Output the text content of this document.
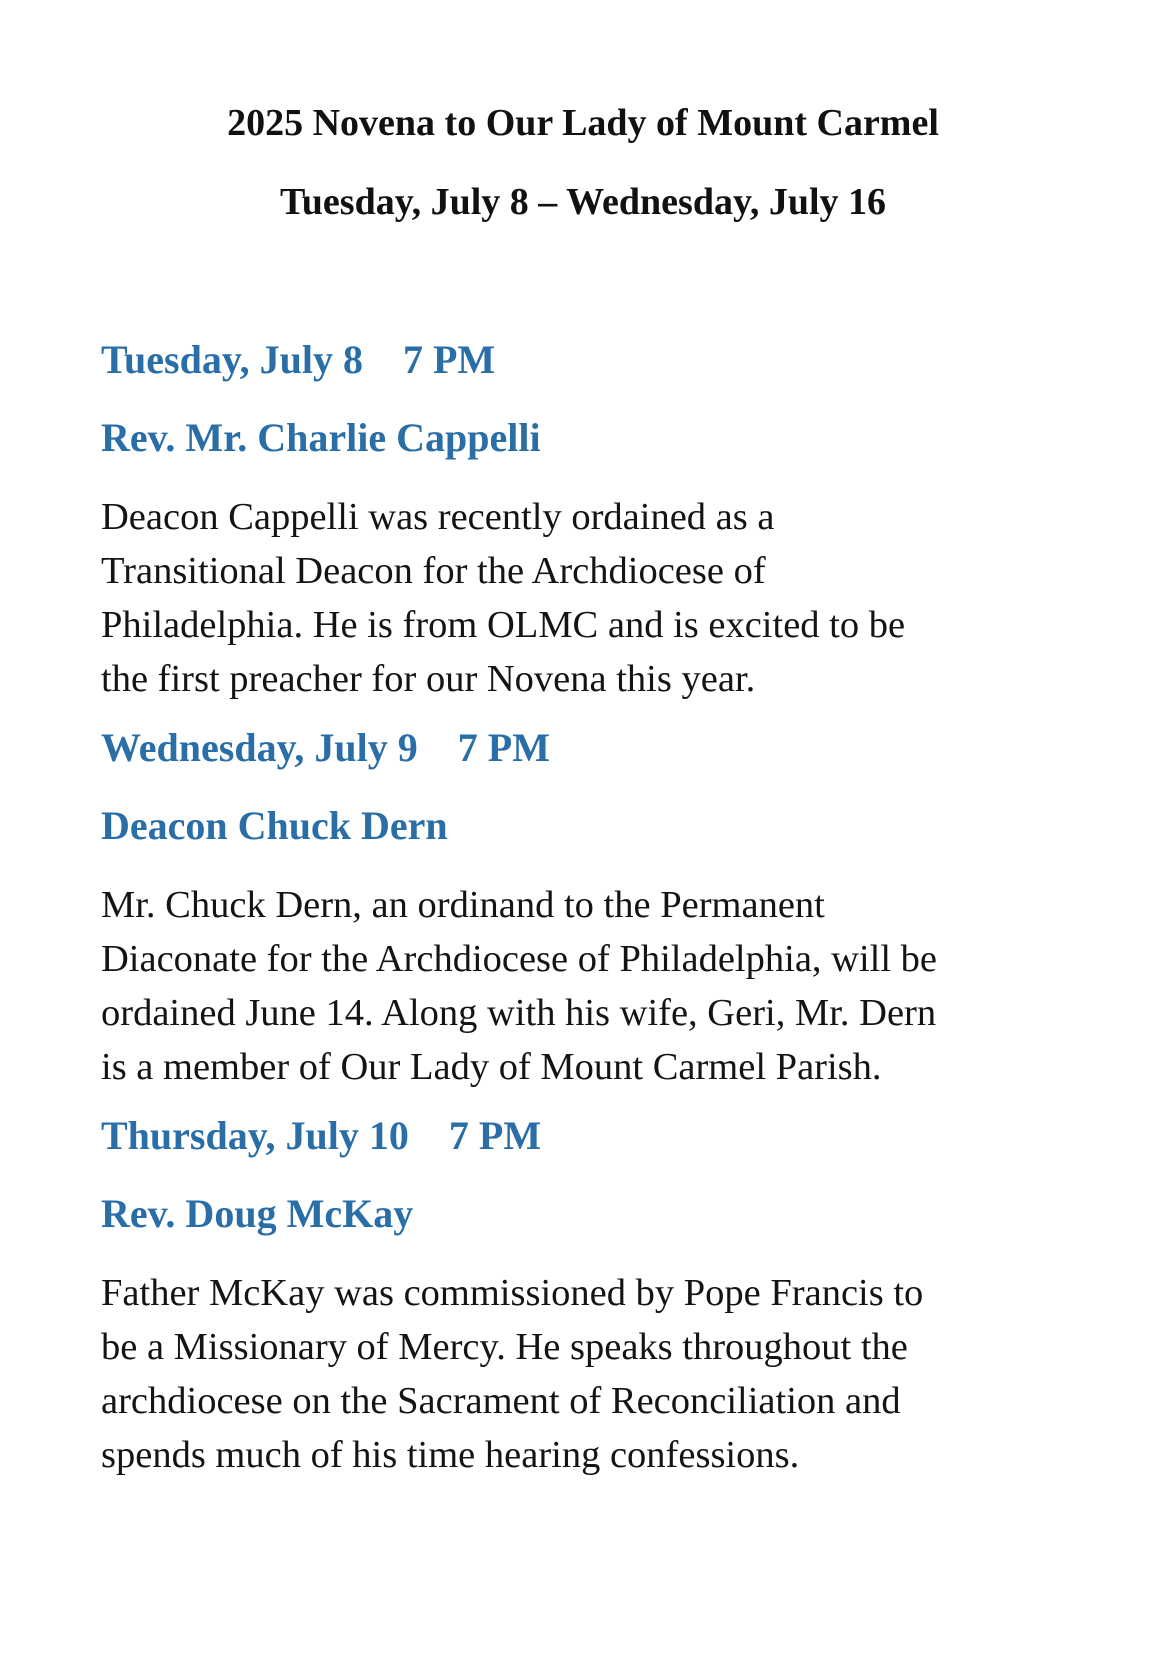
2025 Novena to Our Lady of Mount Carmel
Tuesday, July 8 – Wednesday, July 16
Tuesday, July 8 7 PM
Rev. Mr. Charlie Cappelli

Deacon Cappelli was recently ordained as a
Transitional Deacon for the Archdiocese of
Philadelphia. He is from OLMC and is excited to be
the first preacher for our Novena this year.

Wednesday, July 9 7 PM
Deacon Chuck Dern

Mr. Chuck Dern, an ordinand to the Permanent
Diaconate for the Archdiocese of Philadelphia, will be
ordained June 14. Along with his wife, Geri, Mr. Dern
is a member of Our Lady of Mount Carmel Parish.

Thursday, July 10 7 PM
Rev. Doug McKay

Father McKay was commissioned by Pope Francis to
be a Missionary of Mercy. He speaks throughout the
archdiocese on the Sacrament of Reconciliation and
spends much of his time hearing confessions.
